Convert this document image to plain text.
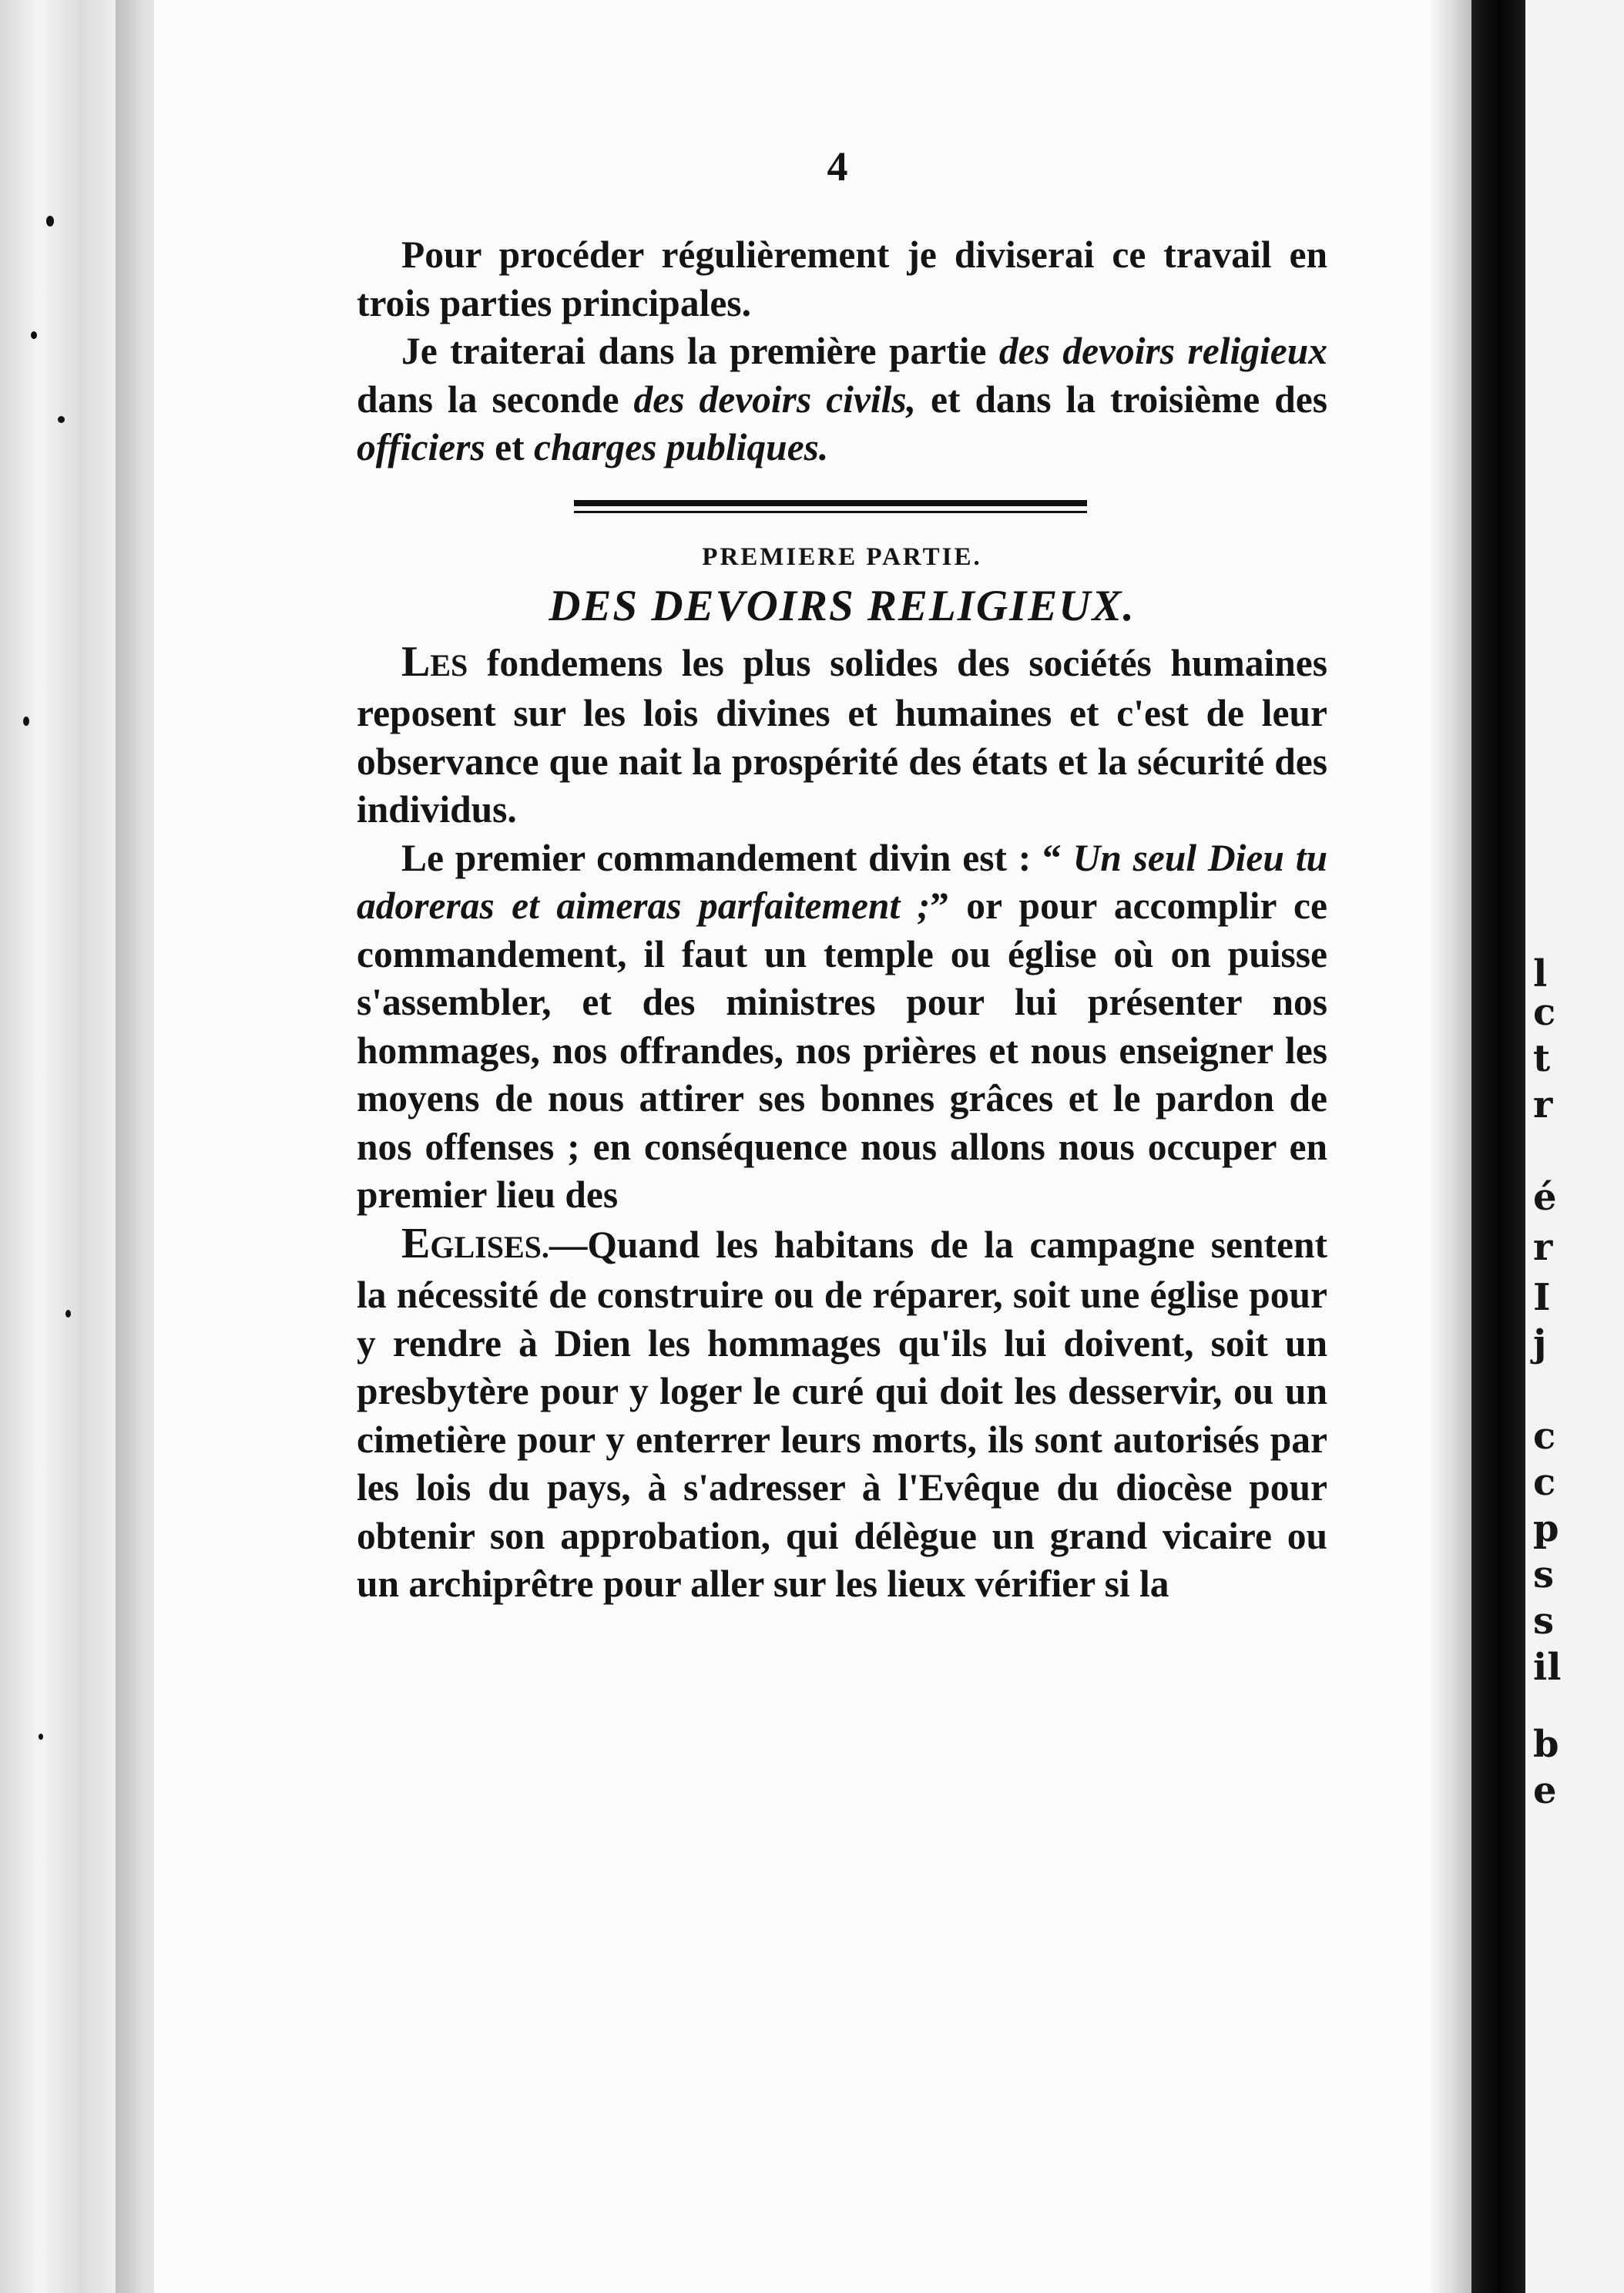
l
c
t
r
é
r
I
j
c
c
p
s
s
il
b
e
4

Pour procéder régulièrement je diviserai ce travail en trois parties principales.

Je traiterai dans la première partie des devoirs religieux dans la seconde des devoirs civils, et dans la troisième des officiers et charges publiques.

PREMIERE PARTIE.
DES DEVOIRS RELIGIEUX.

LES fondemens les plus solides des sociétés humaines reposent sur les lois divines et humaines et c'est de leur observance que nait la prospérité des états et la sécurité des individus.

Le premier commandement divin est : “ Un seul Dieu tu adoreras et aimeras parfaitement ;” or pour accomplir ce commandement, il faut un temple ou église où on puisse s'assembler, et des ministres pour lui présenter nos hommages, nos offrandes, nos prières et nous enseigner les moyens de nous attirer ses bonnes grâces et le pardon de nos offenses ; en conséquence nous allons nous occuper en premier lieu des

EGLISES.—Quand les habitans de la campagne sentent la nécessité de construire ou de réparer, soit une église pour y rendre à Dien les hommages qu'ils lui doivent, soit un presbytère pour y loger le curé qui doit les desservir, ou un cimetière pour y enterrer leurs morts, ils sont autorisés par les lois du pays, à s'adresser à l'Evêque du diocèse pour obtenir son approbation, qui délègue un grand vicaire ou un archiprêtre pour aller sur les lieux vérifier si la
